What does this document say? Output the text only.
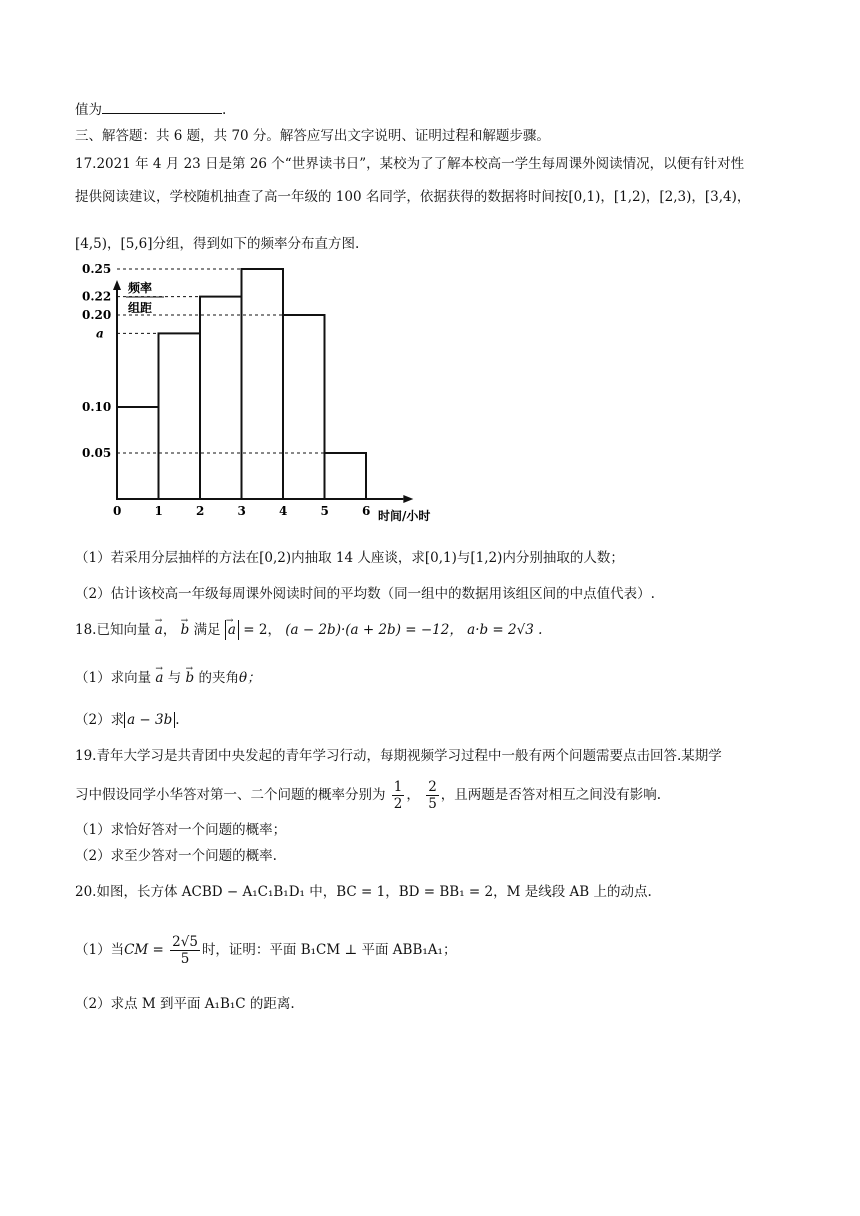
值为	.
三、解答题：共 6 题，共 70 分。解答应写出文字说明、证明过程和解题步骤。
17.2021 年 4 月 23 日是第 26 个“世界读书日”，某校为了了解本校高一学生每周课外阅读情况，以便有针对性
提供阅读建议，学校随机抽查了高一年级的 100 名同学，依据获得的数据将时间按[0,1)，[1,2)，[2,3)，[3,4)，
[4,5)，[5,6]分组，得到如下的频率分布直方图.
频率
组距
0.25
0.22
0.20
a
0.10
0.05
0	1	2	3	4	5	6 时间/小时
（1）若采用分层抽样的方法在[0,2)内抽取 14 人座谈，求[0,1)与[1,2)内分别抽取的人数；
（2）估计该校高一年级每周课外阅读时间的平均数（同一组中的数据用该组区间的中点值代表）.
18.已知向量 → a， → b 满足 → a = 2， (a − 2b)·(a + 2b) = −12， a·b = 2√3 .
（1）求向量 → a 与 → b 的夹角θ；
（2）求 a − 3b .
19.青年大学习是共青团中央发起的青年学习行动，每期视频学习过程中一般有两个问题需要点击回答.某期学
习中假设同学小华答对第一、二个问题的概率分别为 $\frac{1}{2}$ ， $\frac{2}{5}$ ，且两题是否答对相互之间没有影响.
（1）求恰好答对一个问题的概率；
（2）求至少答对一个问题的概率.
20.如图，长方体 ACBD − A₁C₁B₁D₁ 中，BC = 1，BD = BB₁ = 2，M 是线段 AB 上的动点.
（1）当CM = $\frac{2√5}{5}$ 时，证明：平面 B₁CM ⊥ 平面 ABB₁A₁；
（2）求点 M 到平面 A₁B₁C 的距离.
